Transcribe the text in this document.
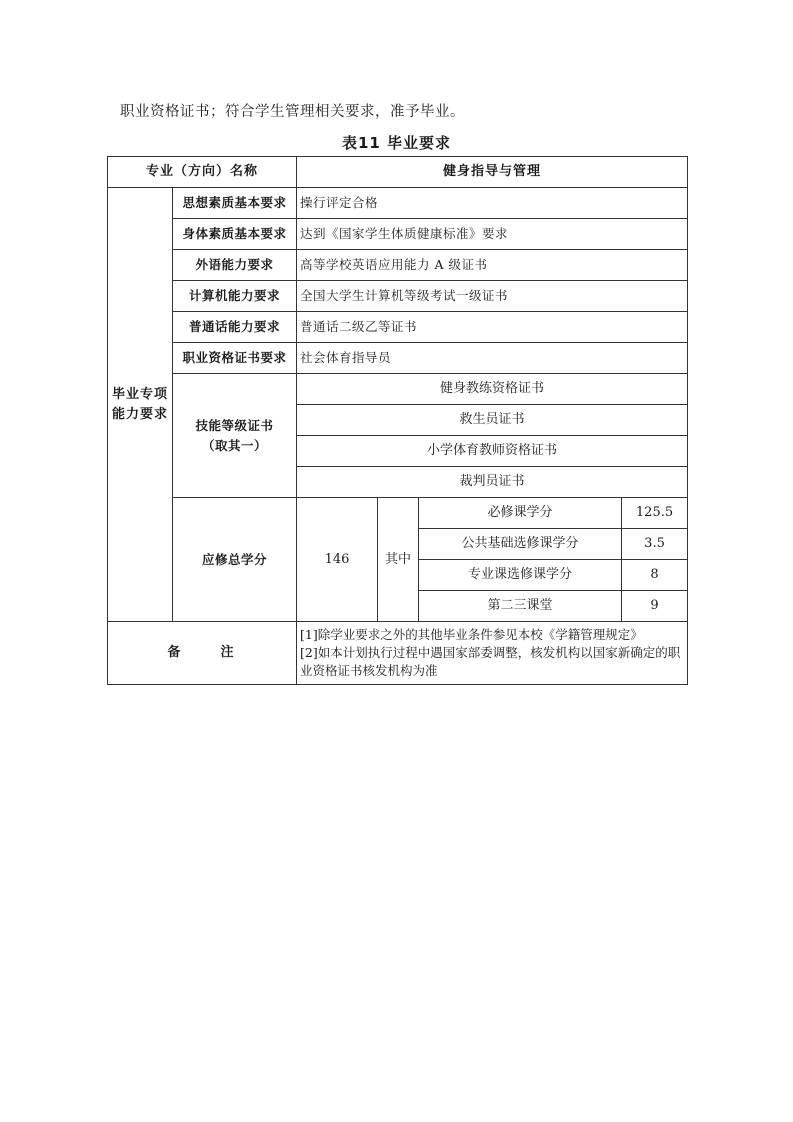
职业资格证书；符合学生管理相关要求，准予毕业。
表11 毕业要求
专业（方向）名称		健身指导与管理			
毕业专项
能力要求	思想素质基本要求	操行评定合格			
	身体素质基本要求	达到《国家学生体质健康标准》要求			
	外语能力要求	高等学校英语应用能力 A 级证书			
	计算机能力要求	全国大学生计算机等级考试一级证书			
	普通话能力要求	普通话二级乙等证书			
	职业资格证书要求	社会体育指导员			
	技能等级证书
（取其一）	健身教练资格证书			
		救生员证书			
		小学体育教师资格证书			
		裁判员证书			
	应修总学分	146	其中	必修课学分	125.5
				公共基础选修课学分	3.5
				专业课选修课学分	8
				第二三课堂	9
备注		[1]除学业要求之外的其他毕业条件参见本校《学籍管理规定》
[2]如本计划执行过程中遇国家部委调整，核发机构以国家新确定的职业资格证书核发机构为准			
